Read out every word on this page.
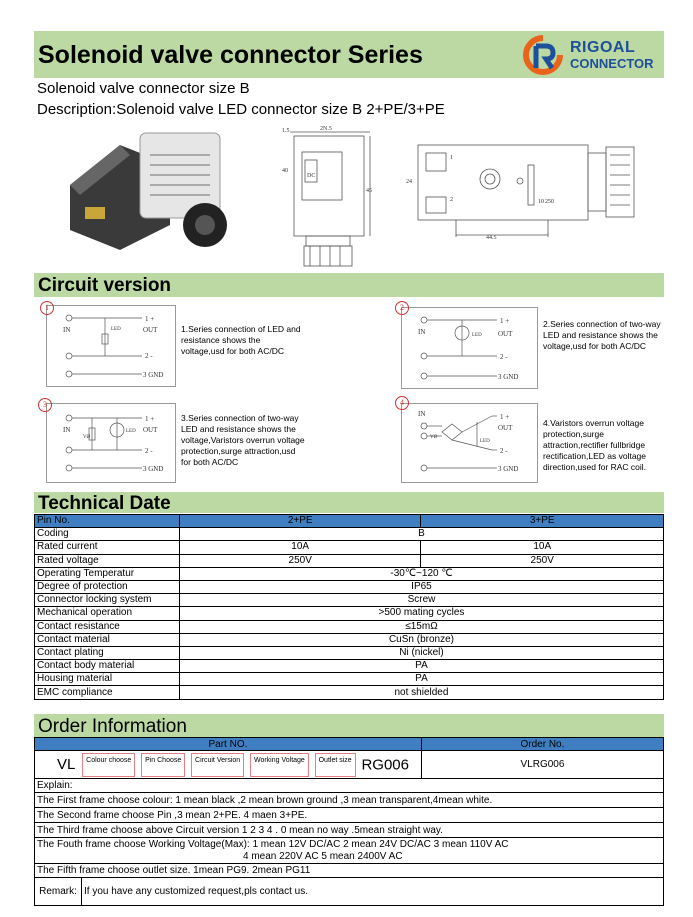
Solenoid valve connector Series	RIGOAL
CONNECTOR
Solenoid valve connector size B
Description:Solenoid valve LED connector size B 2+PE/3+PE
1.5	2N.5
40
45
DC
24
44.5
1
2	10 250
Circuit version
IN
1 +
OUT
2 -
3 GND
LED
1
1.Series connection of LED and resistance shows the voltage,usd for both AC/DC
IN
1 +
OUT
2 -
3 GND
LED
2
2.Series connection of two-way LED and resistance shows the voltage,usd for both AC/DC
IN
1 +
OUT
2 -
3 GND
VØ
LED
3
3.Series connection of two-way LED and resistance shows the voltage,Varistors overrun voltage protection,surge attraction,usd for both AC/DC
IN	1 +
OUT
2 -
3 GND
VØ
LED
4
4.Varistors overrun voltage protection,surge attraction,rectifier fullbridge rectification,LED as voltage direction,used for RAC coil.
Technical Date
Pin No.	2+PE	3+PE
Coding	B	
Rated current	10A	10A
Rated voltage	250V	250V
Operating Temperatur	-30℃~120 ℃	
Degree of protection	IP65	
Connector locking system	Screw	
Mechanical operation	>500 mating cycles	
Contact resistance	≤15mΩ	
Contact material	CuSn (bronze)	
Contact plating	Ni (nickel)	
Contact body material	PA	
Housing material	PA	
EMC compliance	not shielded	
Order Information
Part NO.		Order No.
VL Colour choose Pin Choose Circuit Version Working Voltage Outlet size RG006		VLRG006
Explain:		
The First frame choose colour: 1 mean black ,2 mean brown ground ,3 mean transparent,4mean white.		
The Second frame choose Pin ,3 mean 2+PE. 4 maen 3+PE.		
The Third frame choose above Circuit version 1 2 3 4 . 0 mean no way .5mean straight way.		

The Fouth frame choose Working Voltage(Max): 1 mean 12V DC/AC 2 mean 24V DC/AC 3 mean 110V AC
4 mean 220V AC 5 mean 2400V AC		

The Fifth frame choose outlet size. 1mean PG9. 2mean PG11		
Remark:	If you have any customized request,pls contact us.	
